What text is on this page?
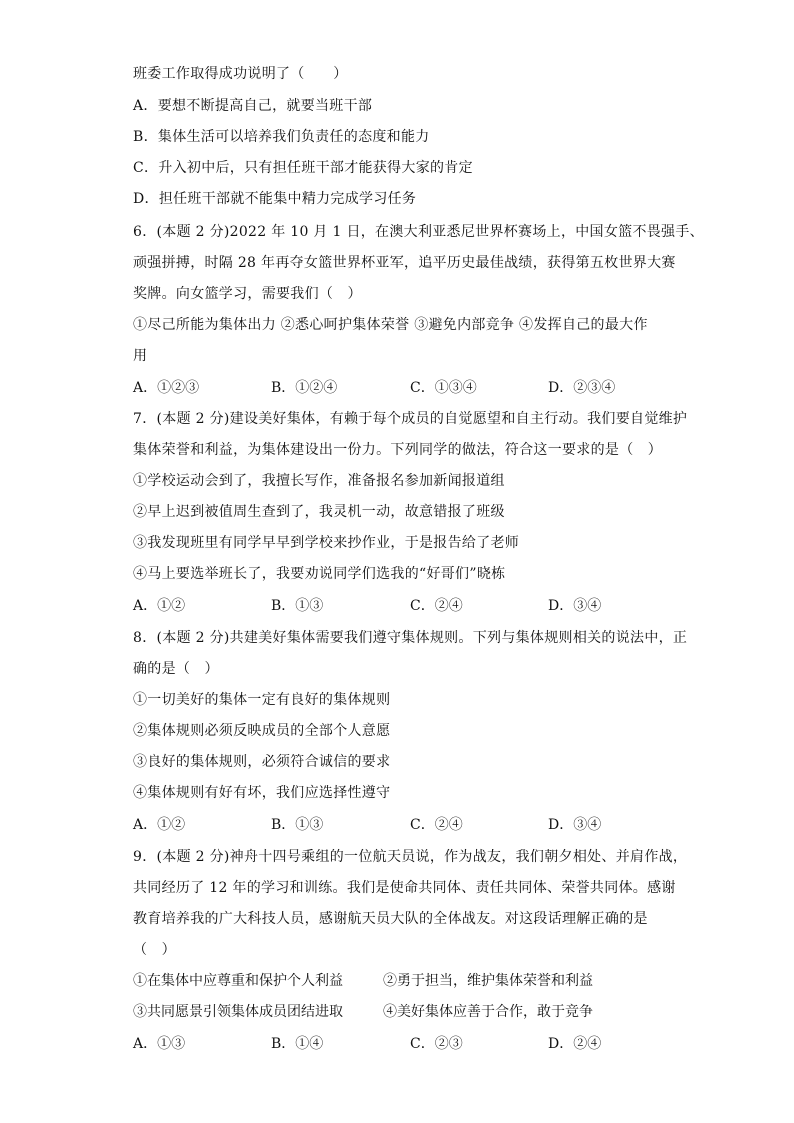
班委工作取得成功说明了（　　）
A．要想不断提高自己，就要当班干部
B．集体生活可以培养我们负责任的态度和能力
C．升入初中后，只有担任班干部才能获得大家的肯定
D．担任班干部就不能集中精力完成学习任务
6．(本题 2 分)2022 年 10 月 1 日，在澳大利亚悉尼世界杯赛场上，中国女篮不畏强手、
顽强拼搏，时隔 28 年再夺女篮世界杯亚军，追平历史最佳战绩，获得第五枚世界大赛
奖牌。向女篮学习，需要我们（　）
①尽己所能为集体出力 ②悉心呵护集体荣誉 ③避免内部竞争 ④发挥自己的最大作
用
A．①②③	B．①②④	C．①③④	D．②③④
7．(本题 2 分)建设美好集体，有赖于每个成员的自觉愿望和自主行动。我们要自觉维护
集体荣誉和利益，为集体建设出一份力。下列同学的做法，符合这一要求的是（　）
①学校运动会到了，我擅长写作，准备报名参加新闻报道组
②早上迟到被值周生查到了，我灵机一动，故意错报了班级
③我发现班里有同学早早到学校来抄作业，于是报告给了老师
④马上要选举班长了，我要劝说同学们选我的“好哥们”晓栋
A．①②	B．①③	C．②④	D．③④
8．(本题 2 分)共建美好集体需要我们遵守集体规则。下列与集体规则相关的说法中，正
确的是（　）
①一切美好的集体一定有良好的集体规则
②集体规则必须反映成员的全部个人意愿
③良好的集体规则，必须符合诚信的要求
④集体规则有好有坏，我们应选择性遵守
A．①②	B．①③	C．②④	D．③④
9．(本题 2 分)神舟十四号乘组的一位航天员说，作为战友，我们朝夕相处、并肩作战，
共同经历了 12 年的学习和训练。我们是使命共同体、责任共同体、荣誉共同体。感谢
教育培养我的广大科技人员，感谢航天员大队的全体战友。对这段话理解正确的是
（　）
①在集体中应尊重和保护个人利益	②勇于担当，维护集体荣誉和利益
③共同愿景引领集体成员团结进取	④美好集体应善于合作，敢于竞争
A．①③	B．①④	C．②③	D．②④
